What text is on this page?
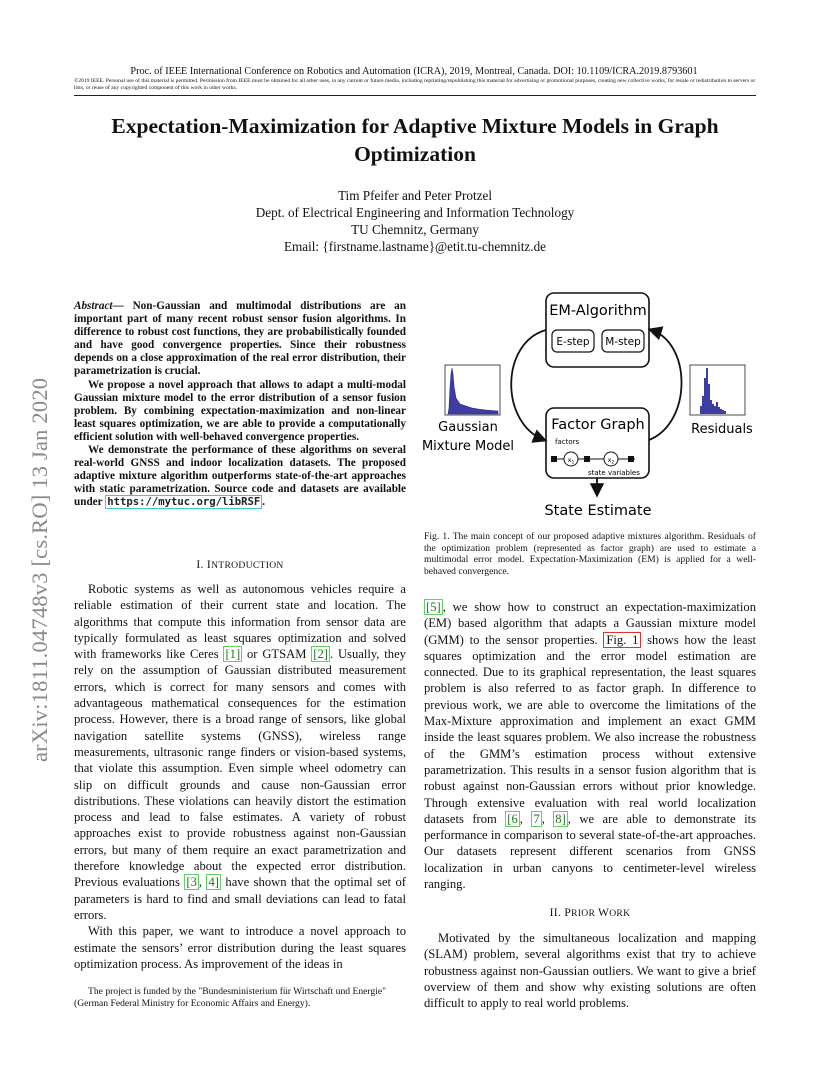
Proc. of IEEE International Conference on Robotics and Automation (ICRA), 2019, Montreal, Canada. DOI: 10.1109/ICRA.2019.8793601
©2019 IEEE. Personal use of this material is permitted. Permission from IEEE must be obtained for all other uses, in any current or future media, including reprinting/republishing this material for advertising or promotional purposes, creating new collective works, for resale or redistribution to servers or lists, or reuse of any copyrighted component of this work in other works.
Expectation-Maximization for Adaptive Mixture Models in Graph Optimization
Tim Pfeifer and Peter Protzel
Dept. of Electrical Engineering and Information Technology
TU Chemnitz, Germany
Email: {firstname.lastname}@etit.tu-chemnitz.de
arXiv:1811.04748v3 [cs.RO] 13 Jan 2020

Abstract— Non-Gaussian and multimodal distributions are an important part of many recent robust sensor fusion algorithms. In difference to robust cost functions, they are probabilistically founded and have good convergence properties. Since their robustness depends on a close approximation of the real error distribution, their parametrization is crucial.

We propose a novel approach that allows to adapt a multi-modal Gaussian mixture model to the error distribution of a sensor fusion problem. By combining expectation-maximization and non-linear least squares optimization, we are able to provide a computationally efficient solution with well-behaved convergence properties.

We demonstrate the performance of these algorithms on several real-world GNSS and indoor localization datasets. The proposed adaptive mixture algorithm outperforms state-of-the-art approaches with static parametrization. Source code and datasets are available under https://mytuc.org/libRSF .

I. INTRODUCTION

Robotic systems as well as autonomous vehicles require a reliable estimation of their current state and location. The algorithms that compute this information from sensor data are typically formulated as least squares optimization and solved with frameworks like Ceres [1] or GTSAM [2] . Usually, they rely on the assumption of Gaussian distributed measurement errors, which is correct for many sensors and comes with advantageous mathematical consequences for the estimation process. However, there is a broad range of sensors, like global navigation satellite systems (GNSS), wireless range measurements, ultrasonic range finders or vision-based systems, that violate this assumption. Even simple wheel odometry can slip on difficult grounds and cause non-Gaussian error distributions. These violations can heavily distort the estimation process and lead to false estimates. A variety of robust approaches exist to provide robustness against non-Gaussian errors, but many of them require an exact parametrization and therefore knowledge about the expected error distribution. Previous evaluations [3 , 4] have shown that the optimal set of parameters is hard to find and small deviations can lead to fatal errors.

With this paper, we want to introduce a novel approach to estimate the sensors’ error distribution during the least squares optimization process. As improvement of the ideas in

The project is funded by the "Bundesministerium für Wirtschaft und Energie" (German Federal Ministry for Economic Affairs and Energy).
EM-Algorithm
E-step M-step
Factor Graph
factors
$x_1$	$x_2$
state variables
Gaussian
Mixture Model
Residuals
State Estimate
Fig. 1. The main concept of our proposed adaptive mixtures algorithm. Residuals of the optimization problem (represented as factor graph) are used to estimate a multimodal error model. Expectation-Maximization (EM) is applied for a well-behaved convergence.

[5] , we show how to construct an expectation-maximization (EM) based algorithm that adapts a Gaussian mixture model (GMM) to the sensor properties. Fig. 1 shows how the least squares optimization and the error model estimation are connected. Due to its graphical representation, the least squares problem is also referred to as factor graph. In difference to previous work, we are able to overcome the limitations of the Max-Mixture approximation and implement an exact GMM inside the least squares problem. We also increase the robustness of the GMM’s estimation process without extensive parametrization. This results in a sensor fusion algorithm that is robust against non-Gaussian errors without prior knowledge. Through extensive evaluation with real world localization datasets from [6 , 7 , 8] , we are able to demonstrate its performance in comparison to several state-of-the-art approaches. Our datasets represent different scenarios from GNSS localization in urban canyons to centimeter-level wireless ranging.

II. PRIOR WORK

Motivated by the simultaneous localization and mapping (SLAM) problem, several algorithms exist that try to achieve robustness against non-Gaussian outliers. We want to give a brief overview of them and show why existing solutions are often difficult to apply to real world problems.
